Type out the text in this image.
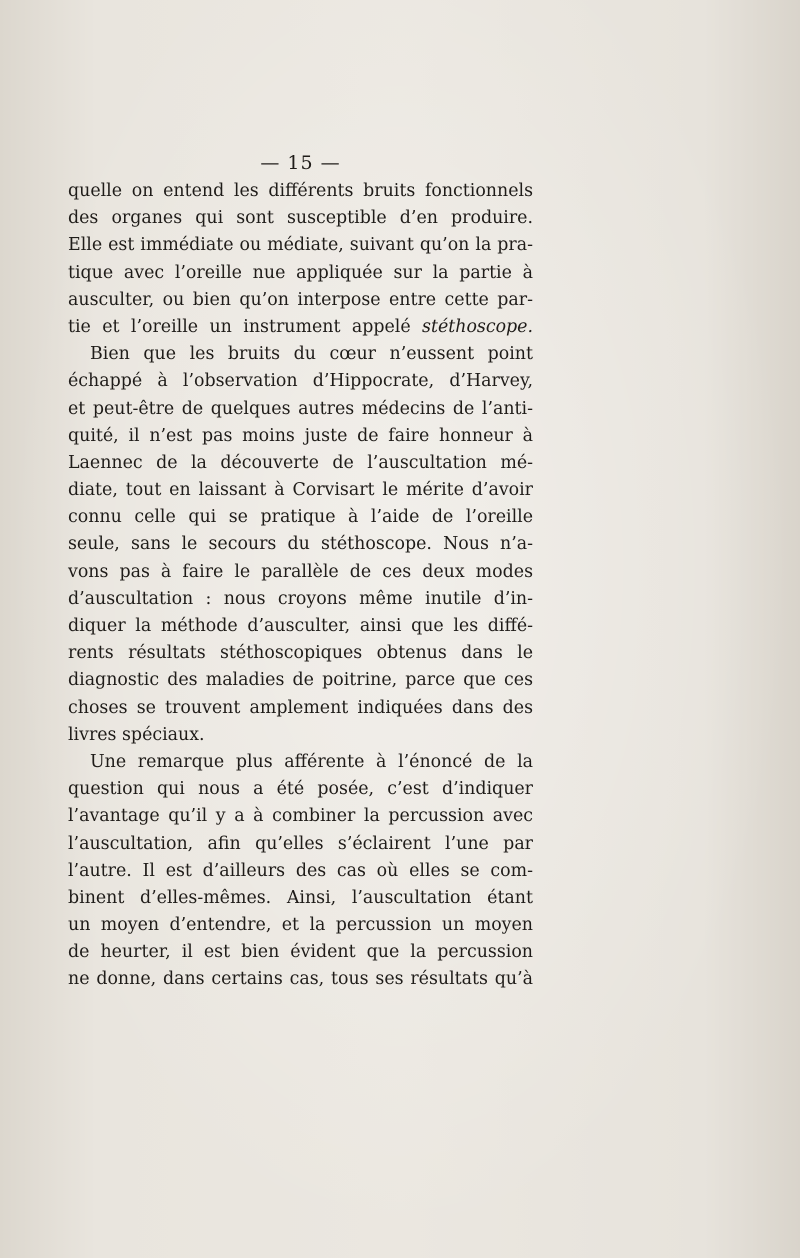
— 15 —
quelle on entend les différents bruits fonctionnels
des organes qui sont susceptible d’en produire.
Elle est immédiate ou médiate, suivant qu’on la pra-
tique avec l’oreille nue appliquée sur la partie à
ausculter, ou bien qu’on interpose entre cette par-
tie et l’oreille un instrument appelé stéthoscope.
Bien que les bruits du cœur n’eussent point
échappé à l’observation d’Hippocrate, d’Harvey,
et peut-être de quelques autres médecins de l’anti-
quité, il n’est pas moins juste de faire honneur à
Laennec de la découverte de l’auscultation mé-
diate, tout en laissant à Corvisart le mérite d’avoir
connu celle qui se pratique à l’aide de l’oreille
seule, sans le secours du stéthoscope. Nous n’a-
vons pas à faire le parallèle de ces deux modes
d’auscultation : nous croyons même inutile d’in-
diquer la méthode d’ausculter, ainsi que les diffé-
rents résultats stéthoscopiques obtenus dans le
diagnostic des maladies de poitrine, parce que ces
choses se trouvent amplement indiquées dans des
livres spéciaux.
Une remarque plus afférente à l’énoncé de la
question qui nous a été posée, c’est d’indiquer
l’avantage qu’il y a à combiner la percussion avec
l’auscultation, afin qu’elles s’éclairent l’une par
l’autre. Il est d’ailleurs des cas où elles se com-
binent d’elles-mêmes. Ainsi, l’auscultation étant
un moyen d’entendre, et la percussion un moyen
de heurter, il est bien évident que la percussion
ne donne, dans certains cas, tous ses résultats qu’à
